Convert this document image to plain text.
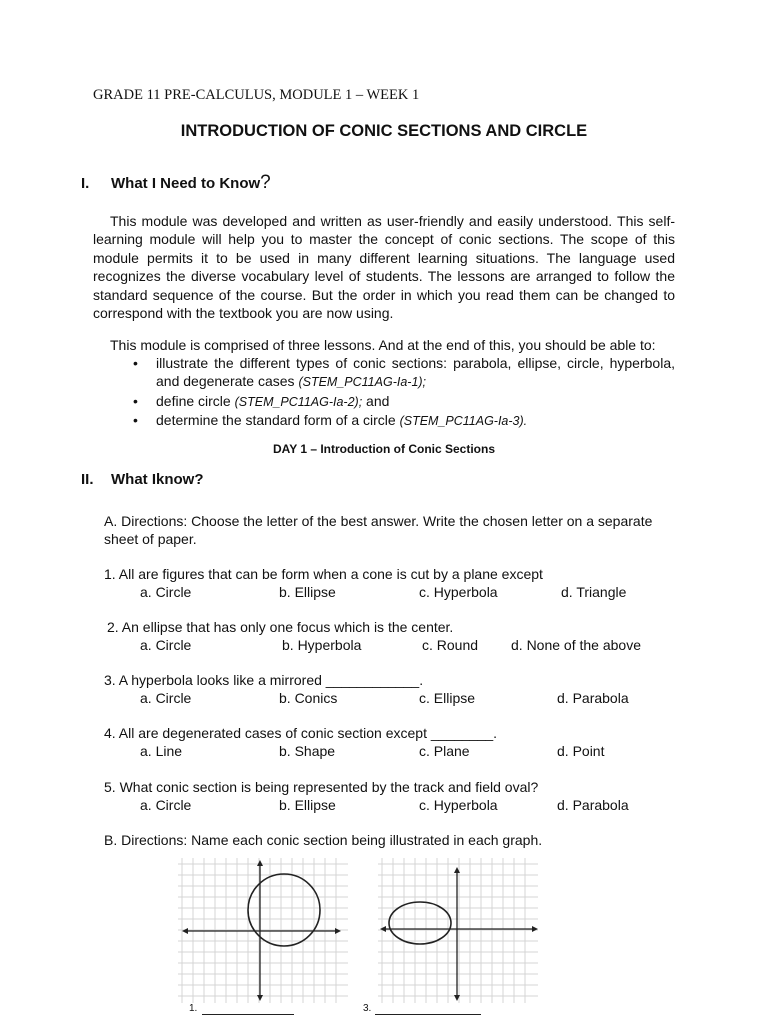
GRADE 11 PRE-CALCULUS, MODULE 1 – WEEK 1
INTRODUCTION OF CONIC SECTIONS AND CIRCLE
I. What I Need to Know?
This module was developed and written as user-friendly and easily understood. This self-learning module will help you to master the concept of conic sections. The scope of this module permits it to be used in many different learning situations. The language used recognizes the diverse vocabulary level of students. The lessons are arranged to follow the standard sequence of the course. But the order in which you read them can be changed to correspond with the textbook you are now using.
This module is comprised of three lessons. And at the end of this, you should be able to:
• illustrate the different types of conic sections: parabola, ellipse, circle, hyperbola, and degenerate cases (STEM_PC11AG-Ia-1);
• define circle (STEM_PC11AG-Ia-2); and
• determine the standard form of a circle (STEM_PC11AG-Ia-3).
DAY 1 – Introduction of Conic Sections
II. What Iknow?
A. Directions: Choose the letter of the best answer. Write the chosen letter on a separate sheet of paper.
1. All are figures that can be form when a cone is cut by a plane except
a. Circle	b. Ellipse	c. Hyperbola	d. Triangle
2. An ellipse that has only one focus which is the center.
a. Circle	b. Hyperbola	c. Round d. None of the above
3. A hyperbola looks like a mirrored ____________.
a. Circle	b. Conics	c. Ellipse	d. Parabola
4. All are degenerated cases of conic section except ________.
a. Line	b. Shape	c. Plane	d. Point
5. What conic section is being represented by the track and field oval?
a. Circle	b. Ellipse	c. Hyperbola	d. Parabola
B. Directions: Name each conic section being illustrated in each graph.
1.	3.
